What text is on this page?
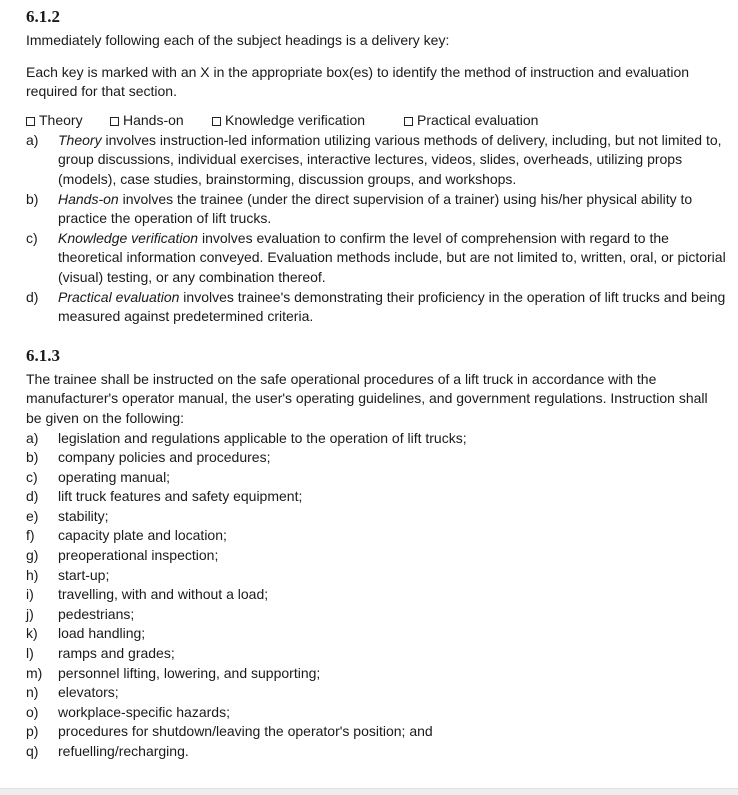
6.1.2

Immediately following each of the subject headings is a delivery key:

Each key is marked with an X in the appropriate box(es) to identify the method of instruction and evaluation required for that section.

Theory	Hands-on	Knowledge verification	Practical evaluation
a) Theory involves instruction-led information utilizing various methods of delivery, including, but not limited to, group discussions, individual exercises, interactive lectures, videos, slides, overheads, utilizing props (models), case studies, brainstorming, discussion groups, and workshops.
b) Hands-on involves the trainee (under the direct supervision of a trainer) using his/her physical ability to practice the operation of lift trucks.
c) Knowledge verification involves evaluation to confirm the level of comprehension with regard to the theoretical information conveyed. Evaluation methods include, but are not limited to, written, oral, or pictorial (visual) testing, or any combination thereof.
d) Practical evaluation involves trainee's demonstrating their proficiency in the operation of lift trucks and being measured against predetermined criteria.
6.1.3

The trainee shall be instructed on the safe operational procedures of a lift truck in accordance with the manufacturer's operator manual, the user's operating guidelines, and government regulations. Instruction shall be given on the following:

a) legislation and regulations applicable to the operation of lift trucks;
b) company policies and procedures;
c) operating manual;
d) lift truck features and safety equipment;
e) stability;
f) capacity plate and location;
g) preoperational inspection;
h) start-up;
i) travelling, with and without a load;
j) pedestrians;
k) load handling;
l) ramps and grades;
m) personnel lifting, lowering, and supporting;
n) elevators;
o) workplace-specific hazards;
p) procedures for shutdown/leaving the operator's position; and
q) refuelling/recharging.
